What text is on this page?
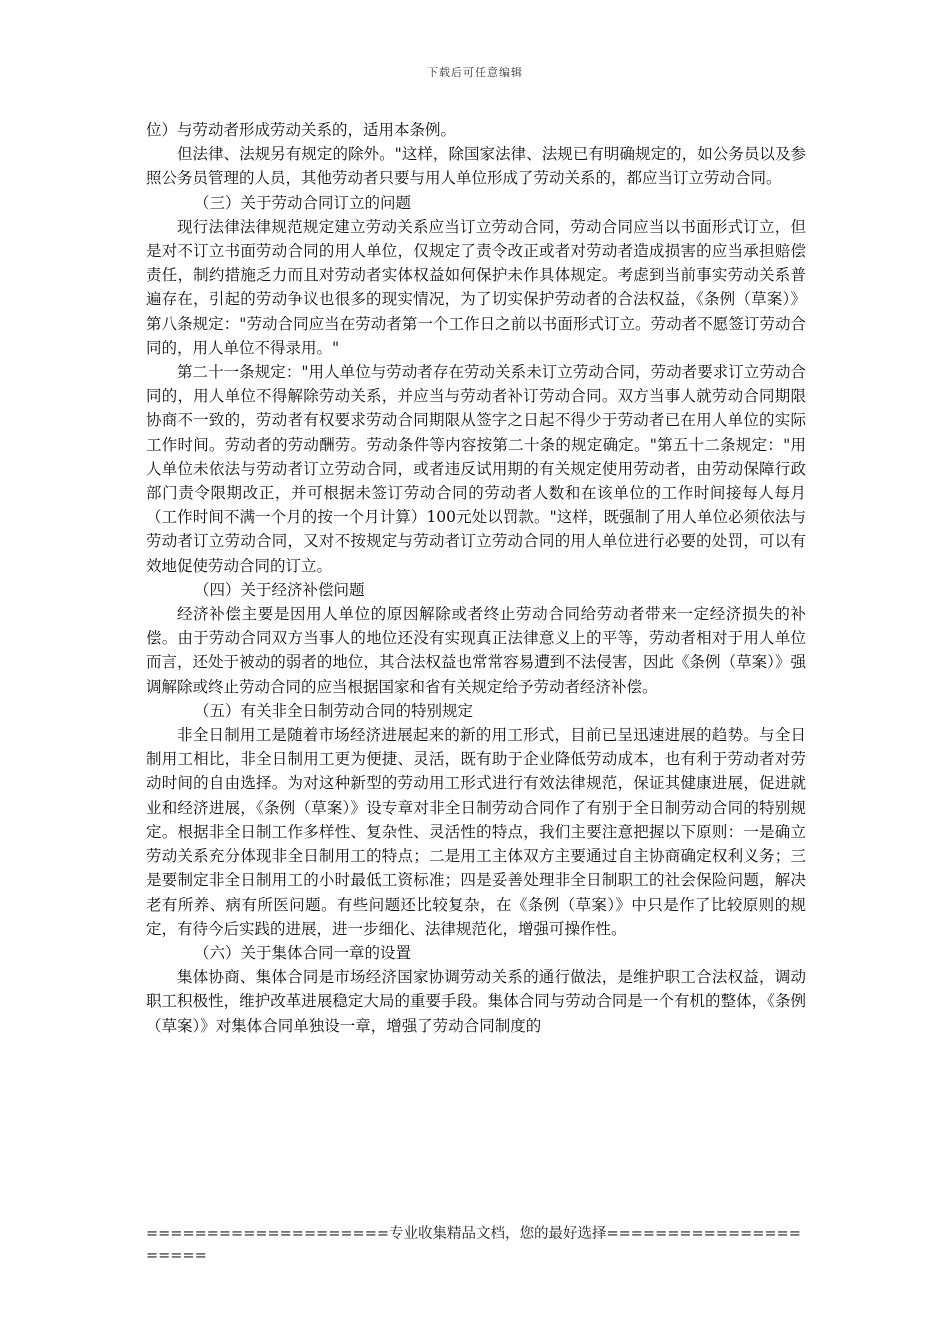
下载后可任意编辑

位）与劳动者形成劳动关系的，适用本条例。

但法律、法规另有规定的除外。"这样，除国家法律、法规已有明确规定的，如公务员以及参照公务员管理的人员，其他劳动者只要与用人单位形成了劳动关系的，都应当订立劳动合同。

（三）关于劳动合同订立的问题

现行法律法律规范规定建立劳动关系应当订立劳动合同，劳动合同应当以书面形式订立，但是对不订立书面劳动合同的用人单位，仅规定了责令改正或者对劳动者造成损害的应当承担赔偿责任，制约措施乏力而且对劳动者实体权益如何保护未作具体规定。考虑到当前事实劳动关系普遍存在，引起的劳动争议也很多的现实情况，为了切实保护劳动者的合法权益，《条例（草案）》第八条规定："劳动合同应当在劳动者第一个工作日之前以书面形式订立。劳动者不愿签订劳动合同的，用人单位不得录用。"

第二十一条规定："用人单位与劳动者存在劳动关系未订立劳动合同，劳动者要求订立劳动合同的，用人单位不得解除劳动关系，并应当与劳动者补订劳动合同。双方当事人就劳动合同期限协商不一致的，劳动者有权要求劳动合同期限从签字之日起不得少于劳动者已在用人单位的实际工作时间。劳动者的劳动酬劳。劳动条件等内容按第二十条的规定确定。"第五十二条规定："用人单位未依法与劳动者订立劳动合同，或者违反试用期的有关规定使用劳动者，由劳动保障行政部门责令限期改正，并可根据未签订劳动合同的劳动者人数和在该单位的工作时间接每人每月（工作时间不满一个月的按一个月计算）100元处以罚款。"这样，既强制了用人单位必须依法与劳动者订立劳动合同，又对不按规定与劳动者订立劳动合同的用人单位进行必要的处罚，可以有效地促使劳动合同的订立。

（四）关于经济补偿问题

经济补偿主要是因用人单位的原因解除或者终止劳动合同给劳动者带来一定经济损失的补偿。由于劳动合同双方当事人的地位还没有实现真正法律意义上的平等，劳动者相对于用人单位而言，还处于被动的弱者的地位，其合法权益也常常容易遭到不法侵害，因此《条例（草案）》强调解除或终止劳动合同的应当根据国家和省有关规定给予劳动者经济补偿。

（五）有关非全日制劳动合同的特别规定

非全日制用工是随着市场经济进展起来的新的用工形式，目前已呈迅速进展的趋势。与全日制用工相比，非全日制用工更为便捷、灵活，既有助于企业降低劳动成本，也有利于劳动者对劳动时间的自由选择。为对这种新型的劳动用工形式进行有效法律规范，保证其健康进展，促进就业和经济进展，《条例（草案）》设专章对非全日制劳动合同作了有别于全日制劳动合同的特别规定。根据非全日制工作多样性、复杂性、灵活性的特点，我们主要注意把握以下原则：一是确立劳动关系充分体现非全日制用工的特点；二是用工主体双方主要通过自主协商确定权利义务；三是要制定非全日制用工的小时最低工资标准；四是妥善处理非全日制职工的社会保险问题，解决老有所养、病有所医问题。有些问题还比较复杂，在《条例（草案）》中只是作了比较原则的规定，有待今后实践的进展，进一步细化、法律规范化，增强可操作性。

（六）关于集体合同一章的设置

集体协商、集体合同是市场经济国家协调劳动关系的通行做法，是维护职工合法权益，调动职工积极性，维护改革进展稳定大局的重要手段。集体合同与劳动合同是一个有机的整体，《条例（草案）》对集体合同单独设一章，增强了劳动合同制度的

====================专业收集精品文档，您的最好选择=====================
